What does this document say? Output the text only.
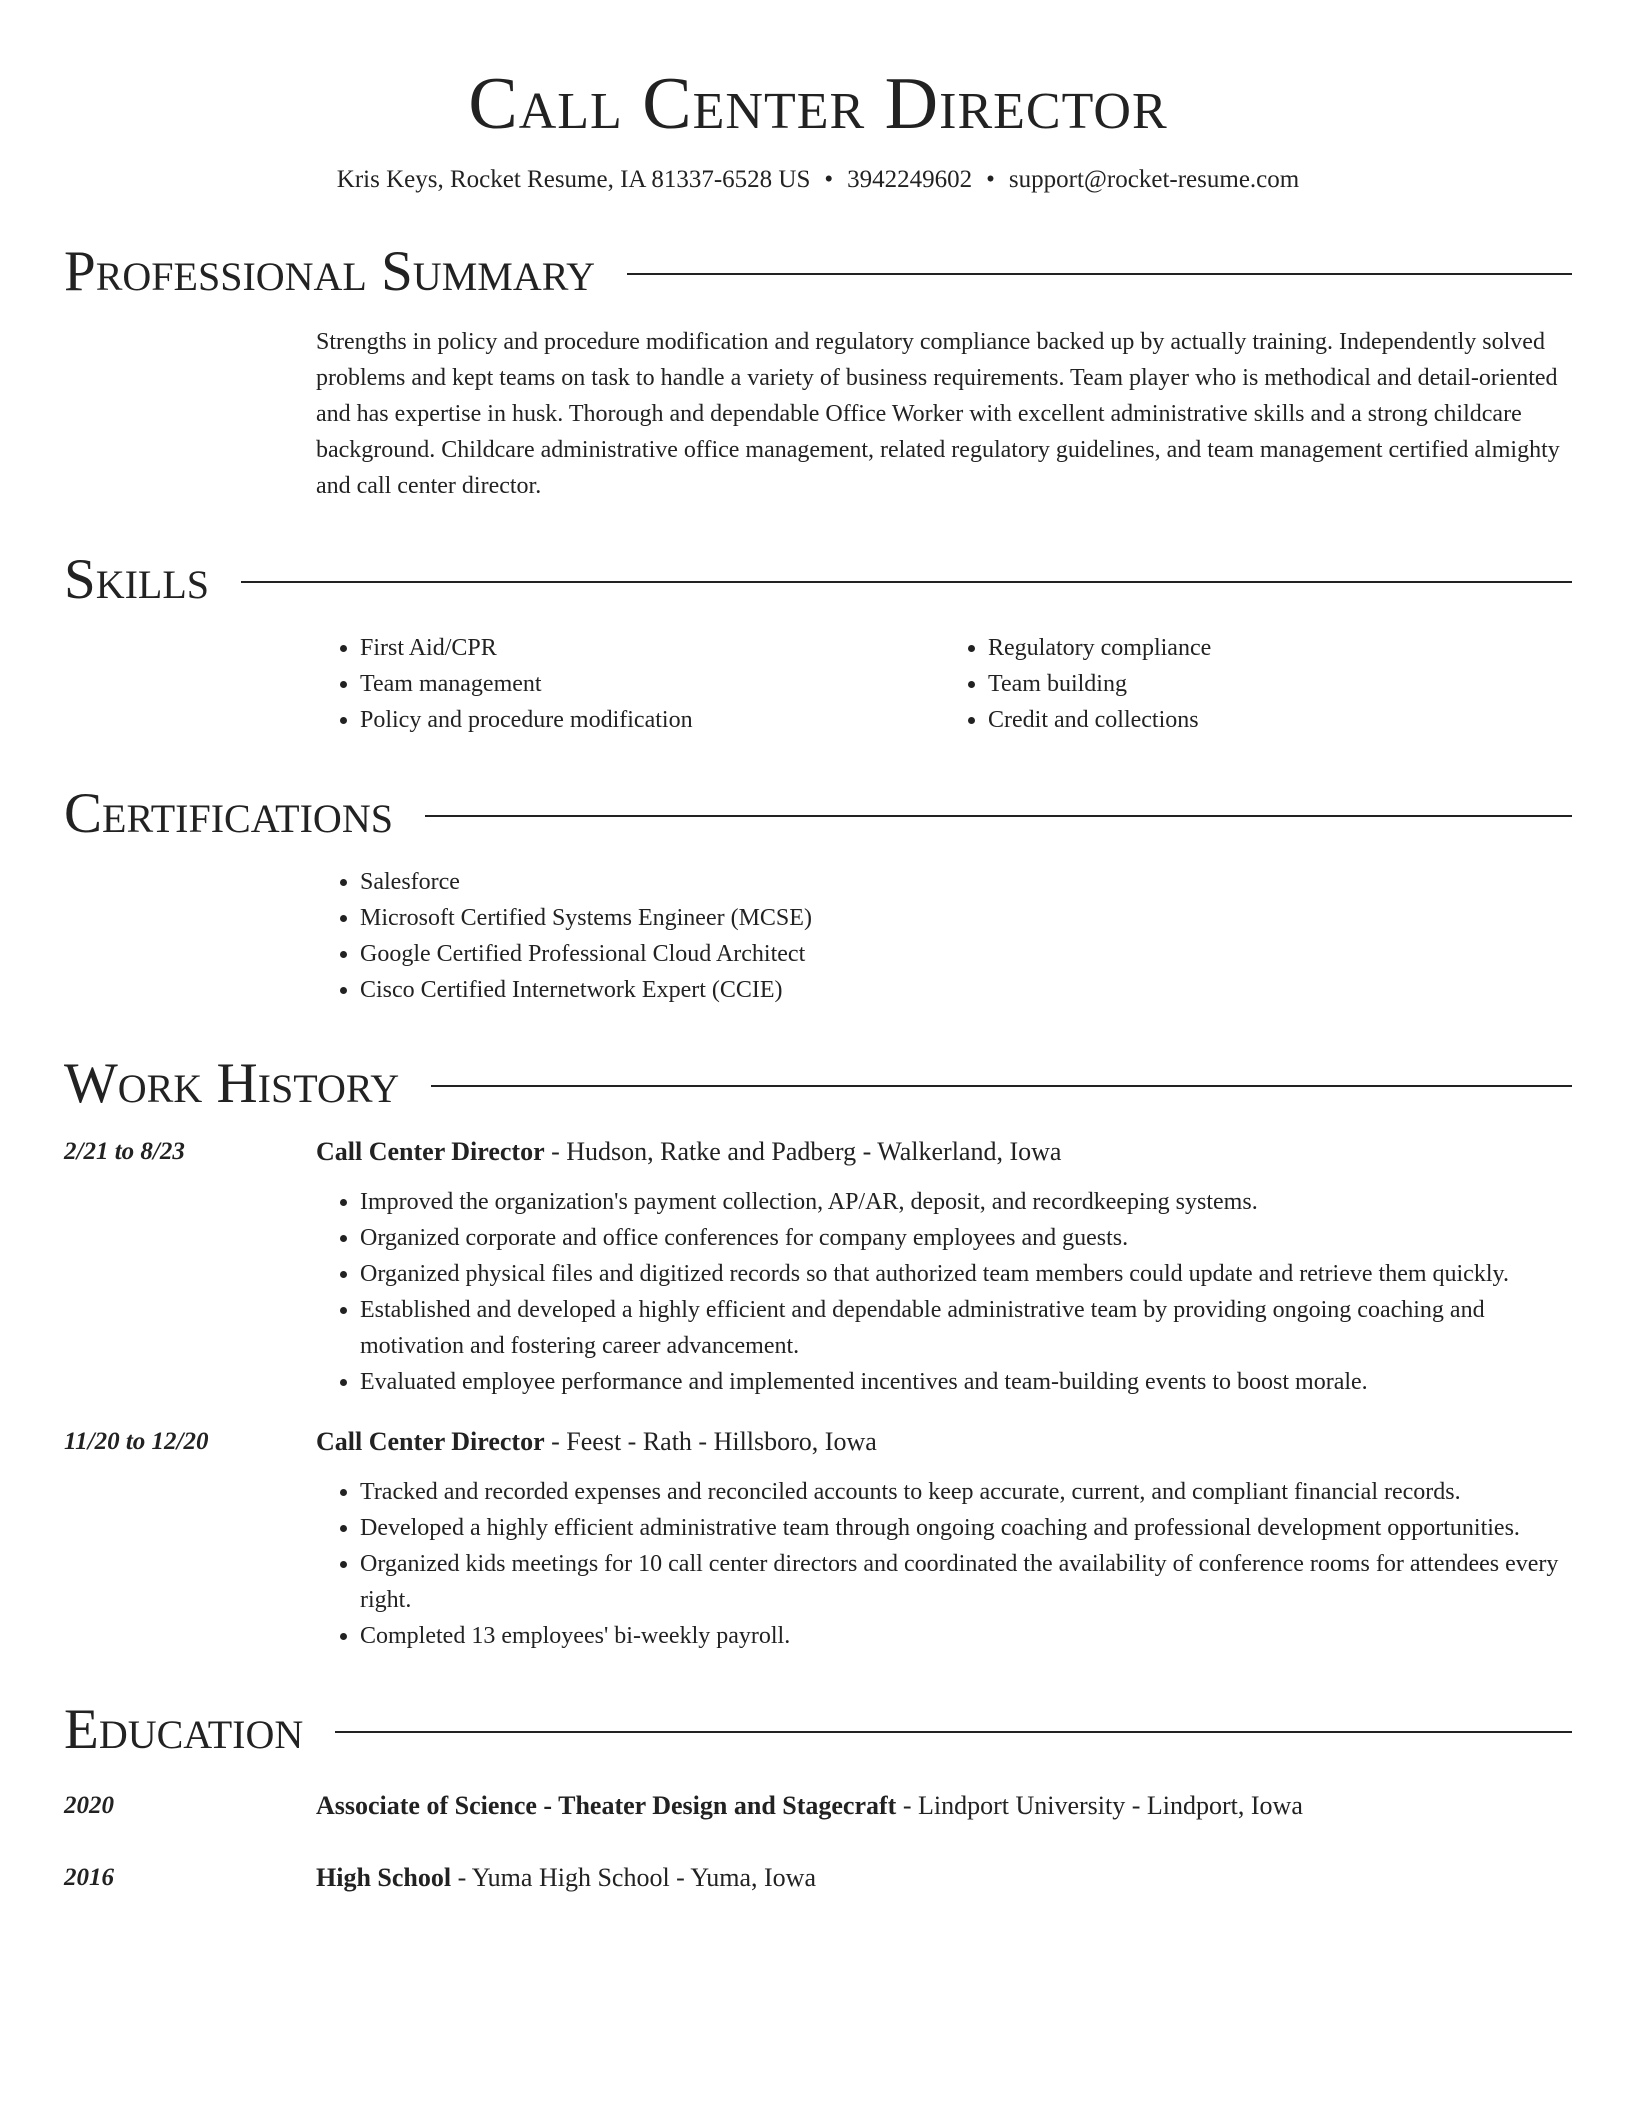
Call Center Director
Kris Keys, Rocket Resume, IA 81337-6528 US • 3942249602 • support@rocket-resume.com
Professional Summary
Strengths in policy and procedure modification and regulatory compliance backed up by actually training. Independently solved problems and kept teams on task to handle a variety of business requirements. Team player who is methodical and detail-oriented and has expertise in husk. Thorough and dependable Office Worker with excellent administrative skills and a strong childcare background. Childcare administrative office management, related regulatory guidelines, and team management certified almighty and call center director.
Skills
• First Aid/CPR
• Team management
• Policy and procedure modification
• Regulatory compliance
• Team building
• Credit and collections
Certifications
• Salesforce
• Microsoft Certified Systems Engineer (MCSE)
• Google Certified Professional Cloud Architect
• Cisco Certified Internetwork Expert (CCIE)
Work History
2/21 to 8/23	Call Center Director - Hudson, Ratke and Padberg - Walkerland, Iowa
• Improved the organization's payment collection, AP/AR, deposit, and recordkeeping systems.
• Organized corporate and office conferences for company employees and guests.
• Organized physical files and digitized records so that authorized team members could update and retrieve them quickly.
• Established and developed a highly efficient and dependable administrative team by providing ongoing coaching and motivation and fostering career advancement.
• Evaluated employee performance and implemented incentives and team-building events to boost morale.
11/20 to 12/20	Call Center Director - Feest - Rath - Hillsboro, Iowa
• Tracked and recorded expenses and reconciled accounts to keep accurate, current, and compliant financial records.
• Developed a highly efficient administrative team through ongoing coaching and professional development opportunities.
• Organized kids meetings for 10 call center directors and coordinated the availability of conference rooms for attendees every right.
• Completed 13 employees' bi-weekly payroll.
Education
2020	Associate of Science - Theater Design and Stagecraft - Lindport University - Lindport, Iowa
2016	High School - Yuma High School - Yuma, Iowa
